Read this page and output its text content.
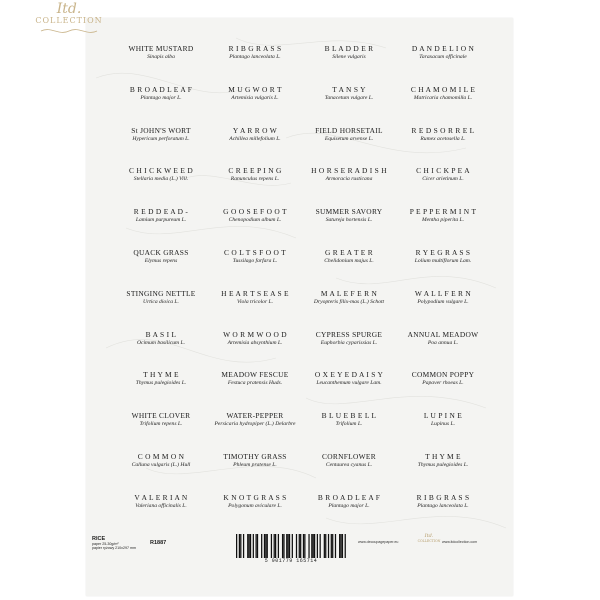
WHITE MUSTARD
Sinapis alba
R I B G R A S S
Plantago lanceolata L.
B L A D D E R
Silene vulgaris
D A N D E L I O N
Taraxacum officinale
B R O A D L E A F
Plantago major L.
M U G W O R T
Artemisia vulgaris L.
T A N S Y
Tanacetum vulgare L.
C H A M O M I L E
Matricaria chamomilla L.
St JOHN'S WORT
Hypericum perforatum L.
Y A R R O W
Achillea millefolium L.
FIELD HORSETAIL
Equisetum arvense L.
R E D S O R R E L
Rumex acetosella L.
C H I C K W E E D
Stellaria media (L.) Vill.
C R E E P I N G
Ranunculus repens L.
H O R S E R A D I S H
Armoracia rusticana
C H I C K P E A
Cicer arietinum L.
R E D D E A D -
Lamium purpureum L.
G O O S E F O O T
Chenopodium album L.
SUMMER SAVORY
Satureja hortensis L.
P E P P E R M I N T
Mentha piperita L.
QUACK GRASS
Elymus repens
C O L T S F O O T
Tussilago farfara L.
G R E A T E R
Chelidonium majus L.
R Y E G R A S S
Lolium multiflorum Lam.
STINGING NETTLE
Urtica dioica L.
H E A R T S E A S E
Viola tricolor L.
M A L E F E R N
Dryopteris filix-mas (L.) Schott
W A L L F E R N
Polypodium vulgare L.
B A S I L
Ocimum basilicum L.
W O R M W O O D
Artemisia absynthium L.
CYPRESS SPURGE
Euphorbia cyparissias L.
ANNUAL MEADOW
Poa annua L.
T H Y M E
Thymus pulegioides L.
MEADOW FESCUE
Festuca pratensis Huds.
O X E Y E D A I S Y
Leucanthemum vulgare Lam.
COMMON POPPY
Papaver rhoeas L.
WHITE CLOVER
Trifolium repens L.
WATER-PEPPER
Persicaria hydropiper (L.) Delarbre
B L U E B E L L
Trifolium L.
L U P I N E
Lupinus L.
C O M M O N
Calluna vulgaris (L.) Hull
TIMOTHY GRASS
Phleum pratense L.
CORNFLOWER
Centaurea cyanus L.
T H Y M E
Thymus pulegioides L.
V A L E R I A N
Valeriana officinalis L.
K N O T G R A S S
Polygonum aviculare L.
B R O A D L E A F
Plantago major L.
R I B G R A S S
Plantago lanceolata L.
RICE
paper 25-30g/m²
papier ryżowy 210x297 mm
R1887
5 901779 165714
www.decoupagepaper.eu
Itd.
COLLECTION www.itdcollection.com
Itd.
COLLECTION
